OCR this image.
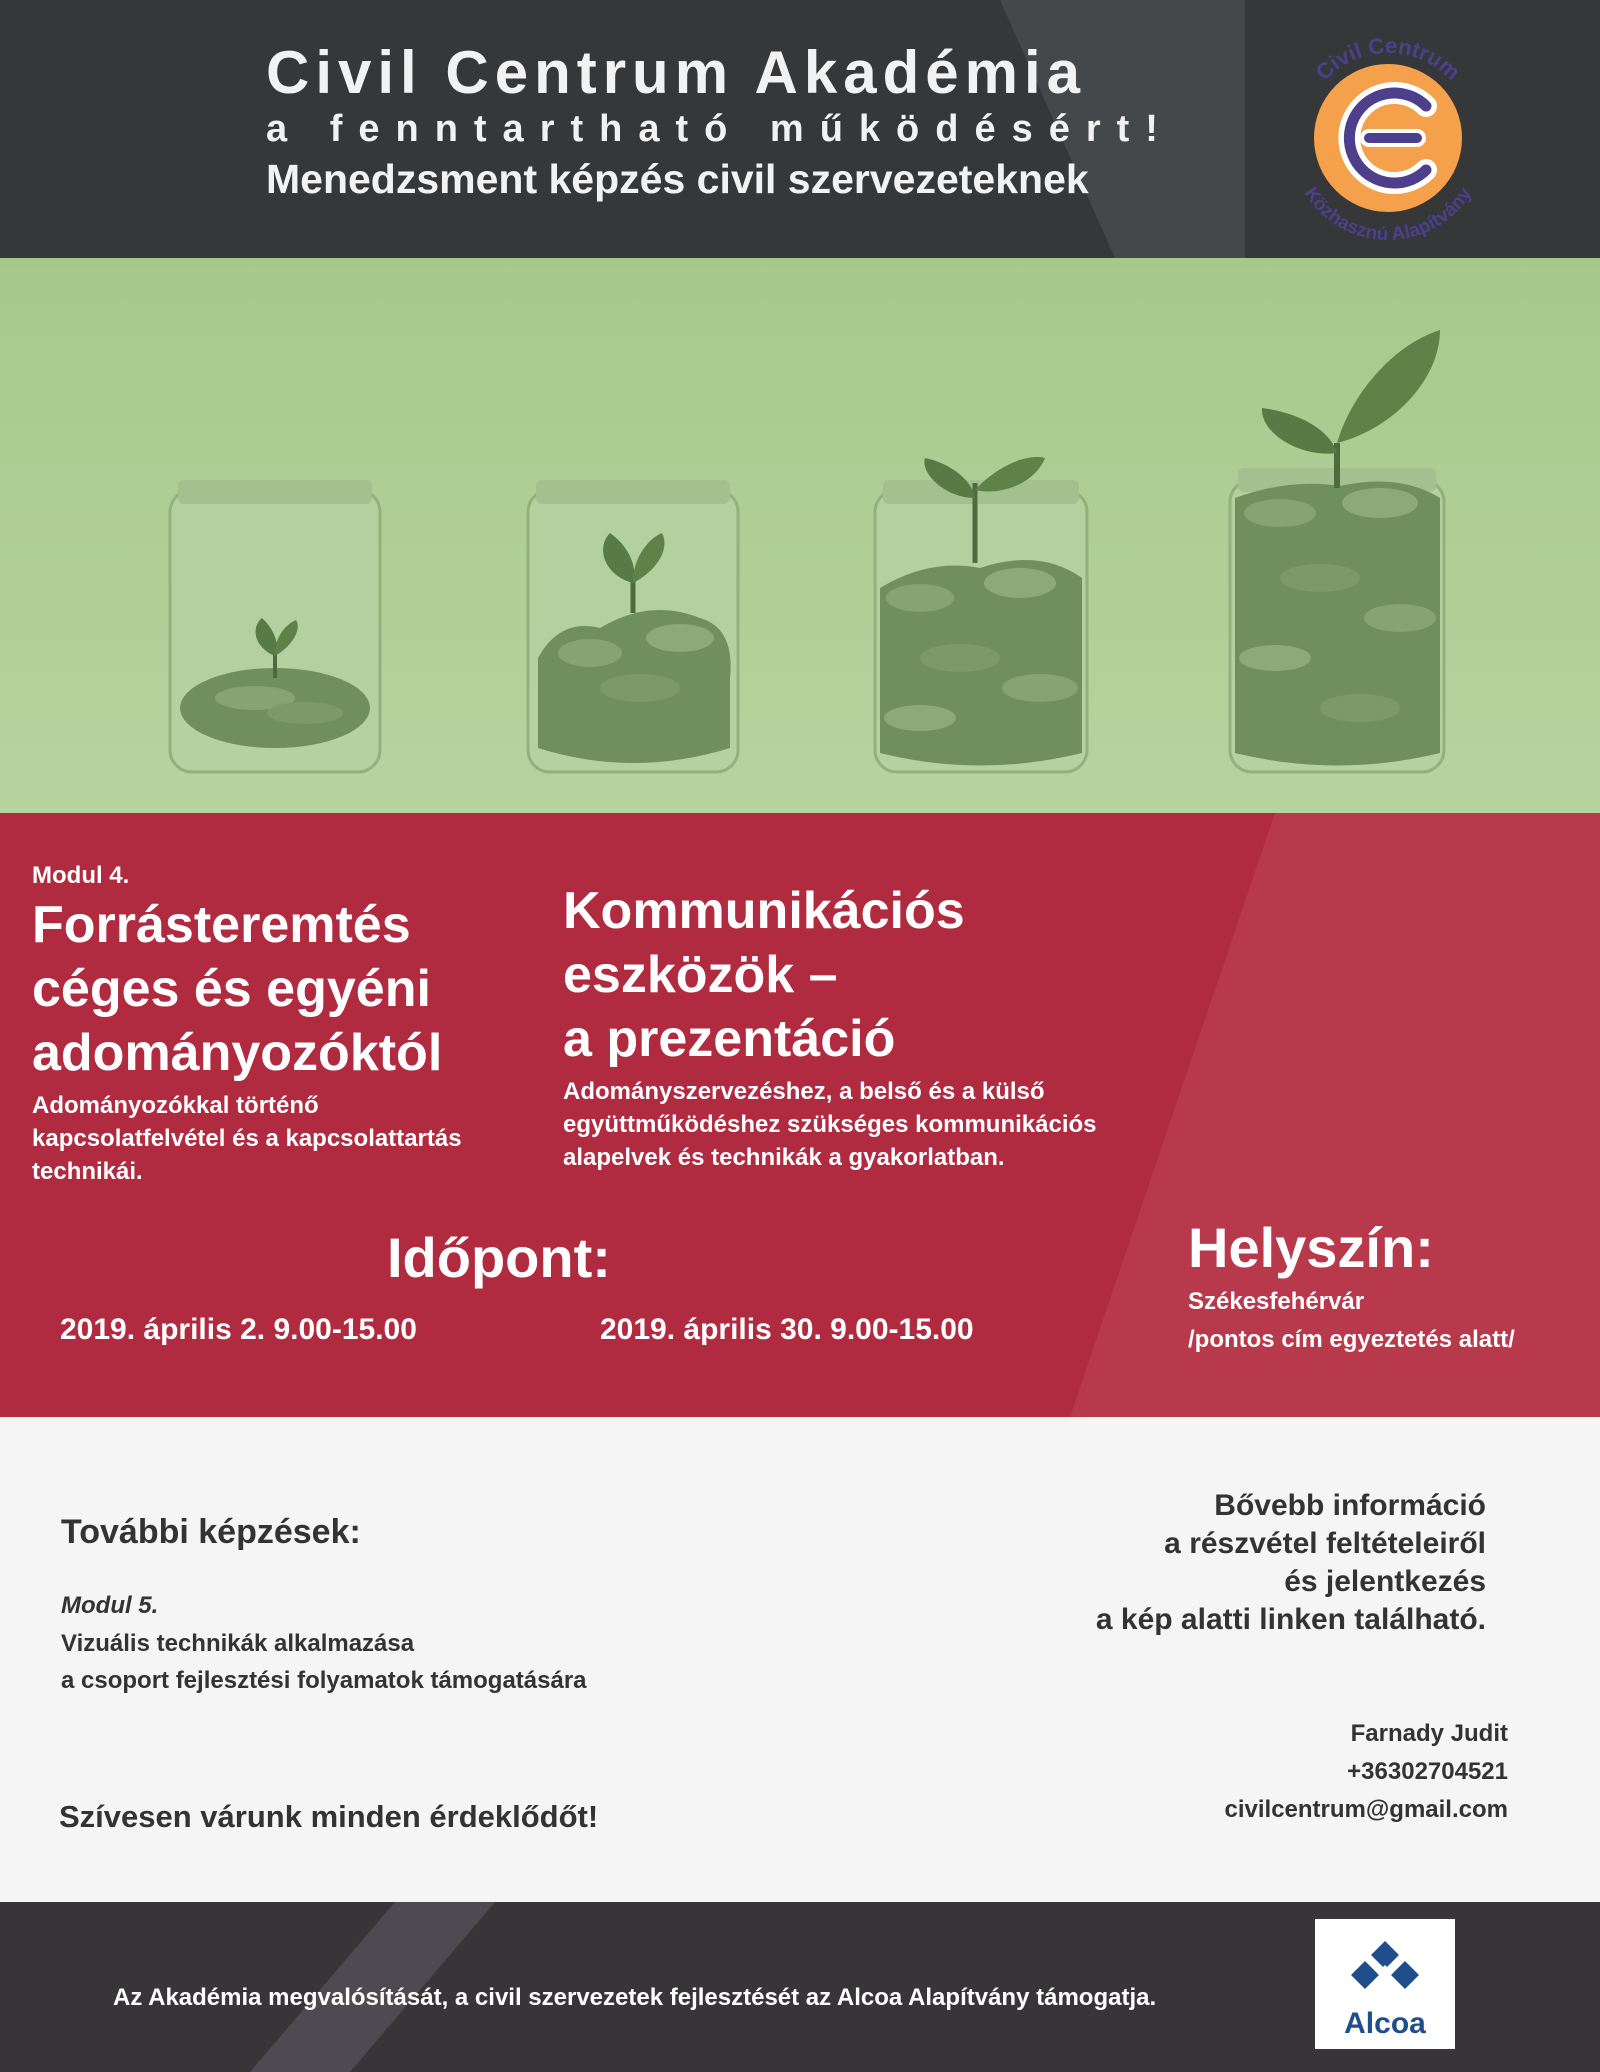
Civil Centrum Akadémia
a fenntartható működésért!
Menedzsment képzés civil szervezeteknek
Civil Centrum
Közhasznú Alapítvány
Modul 4.
Forrásteremtés
céges és egyéni
adományozóktól
Adományozókkal történő
kapcsolatfelvétel és a kapcsolattartás
technikái.
Kommunikációs
eszközök –
a prezentáció
Adományszervezéshez, a belső és a külső
együttműködéshez szükséges kommunikációs
alapelvek és technikák a gyakorlatban.
Időpont:
2019. április 2. 9.00-15.00	2019. április 30. 9.00-15.00
Helyszín:
Székesfehérvár
/pontos cím egyeztetés alatt/
További képzések:
Modul 5.
Vizuális technikák alkalmazása
a csoport fejlesztési folyamatok támogatására
Szívesen várunk minden érdeklődőt!
Bővebb információ
a részvétel feltételeiről
és jelentkezés
a kép alatti linken található.
Farnady Judit
+36302704521
civilcentrum@gmail.com
Az Akadémia megvalósítását, a civil szervezetek fejlesztését az Alcoa Alapítvány támogatja.
Alcoa
